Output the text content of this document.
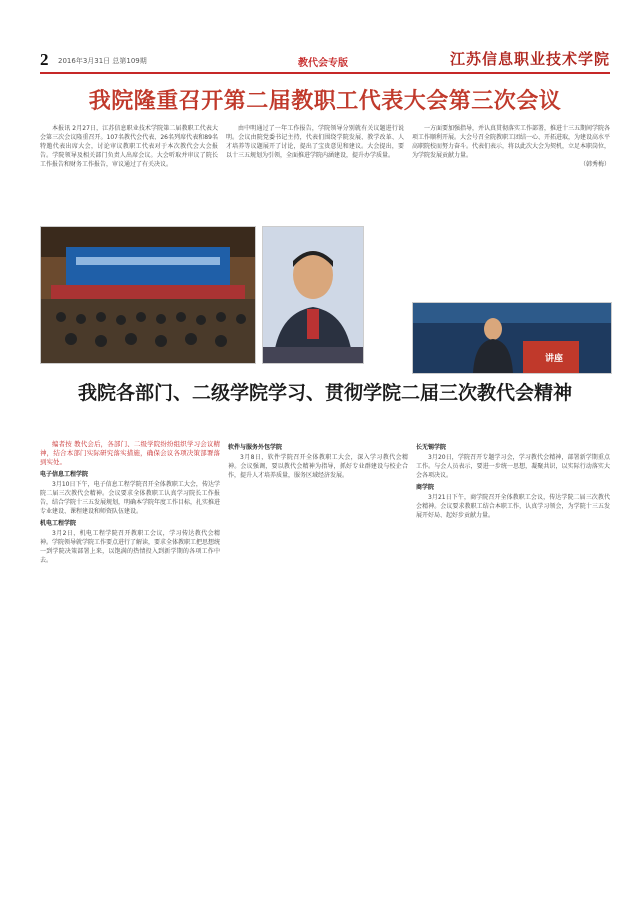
2 2016年3月31日 总第109期	教代会专版	江苏信息职业技术学院
我院隆重召开第二届教职工代表大会第三次会议

本报讯 2月27日，江苏信息职业技术学院第二届教职工代表大会第三次会议隆重召开。107名教代会代表、26名列席代表和89名特邀代表出席大会，讨论审议教职工代表对于本次教代会大会报告。学院领导及相关部门负责人出席会议。大会听取并审议了院长工作报告和财务工作报告，审议通过了有关决议。

由中明通过了一年工作报告，学院领导分别就有关议题进行说明。会议由院党委书记主持，代表们围绕学院发展、教学改革、人才培养等议题展开了讨论，提出了宝贵意见和建议。大会提出，要以十三五规划为引领，全面推进学院内涵建设，提升办学质量。

一方面要加强指导，并认真贯彻落实工作部署，推进十三五期间学院各项工作顺利开展。大会号召全院教职工团结一心、开拓进取，为建设高水平高职院校而努力奋斗。代表们表示，将以此次大会为契机，立足本职岗位，为学院发展贡献力量。

（韩秀梅）

讲座
我院各部门、二级学院学习、贯彻学院二届三次教代会精神

编者按 教代会后，各部门、二级学院纷纷组织学习会议精神，结合本部门实际研究落实措施，确保会议各项决策部署落到实处。

电子信息工程学院

3月10日下午，电子信息工程学院召开全体教职工大会，传达学院二届三次教代会精神。会议要求全体教职工认真学习院长工作报告，结合学院十三五发展规划，明确本学院年度工作目标，扎实推进专业建设、课程建设和师资队伍建设。

机电工程学院

3月2日，机电工程学院召开教职工会议，学习传达教代会精神。学院领导就学院工作要点进行了解读，要求全体教职工把思想统一到学院决策部署上来，以饱满的热情投入到新学期的各项工作中去。

软件与服务外包学院

3月8日，软件学院召开全体教职工大会，深入学习教代会精神。会议强调，要以教代会精神为指导，抓好专业群建设与校企合作，提升人才培养质量，服务区域经济发展。

长无锡学院

3月20日，学院召开专题学习会，学习教代会精神，部署新学期重点工作。与会人员表示，要进一步统一思想，凝聚共识，以实际行动落实大会各项决议。

商学院

3月21日下午，商学院召开全体教职工会议，传达学院二届三次教代会精神。会议要求教职工结合本职工作，认真学习领会，为学院十三五发展开好局、起好步贡献力量。
